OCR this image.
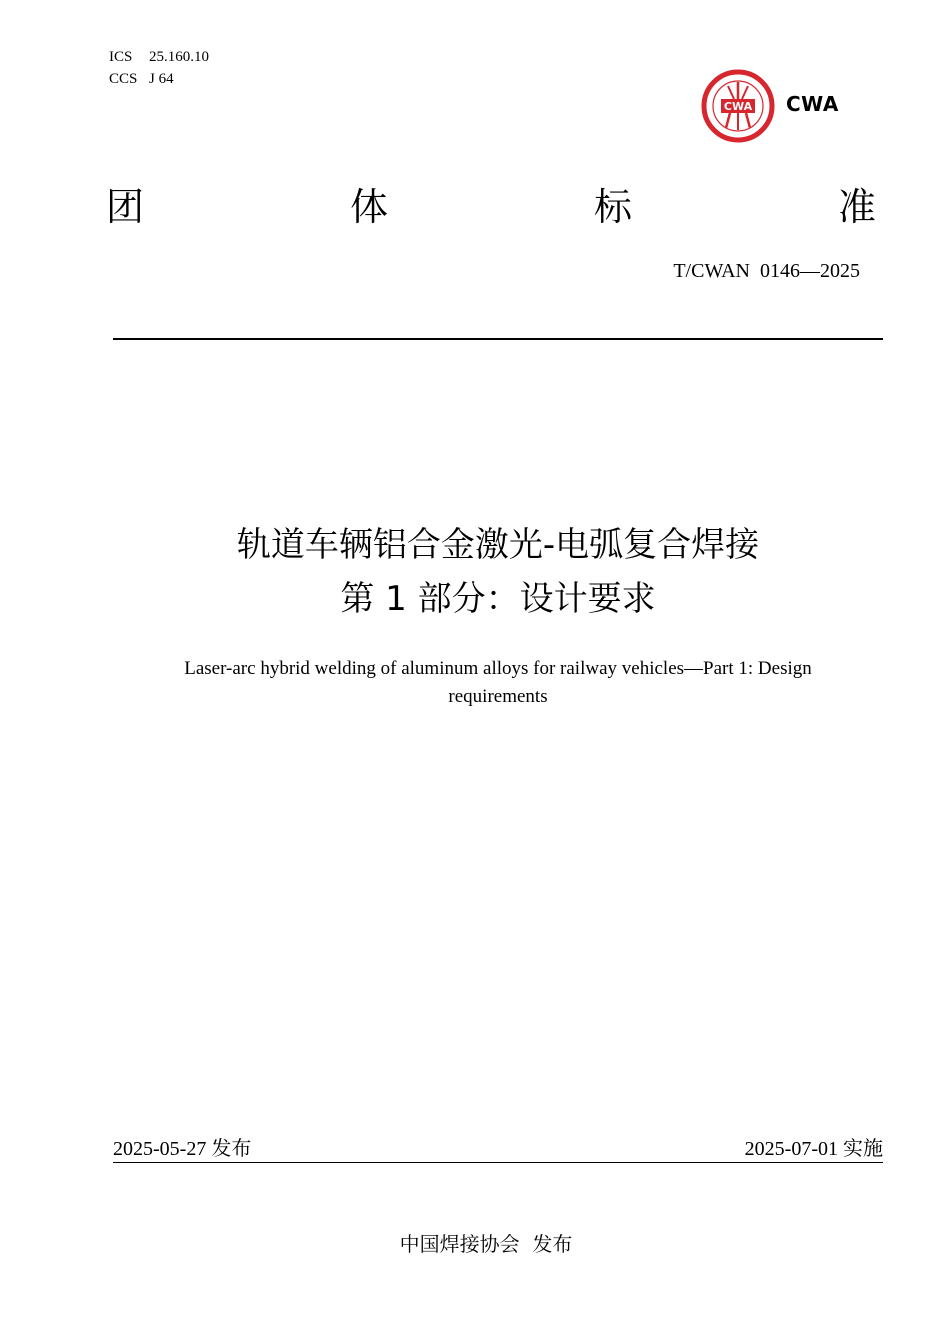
ICS 25.160.10
CCS J 64
CWA CWA
团	体	标	准
T/CWAN  0146—2025
轨道车辆铝合金激光-电弧复合焊接
第 1 部分：设计要求
Laser-arc hybrid welding of aluminum alloys for railway vehicles—Part 1: Design
requirements
2025-05-27 发布	2025-07-01 实施
中国焊接协会  发布
